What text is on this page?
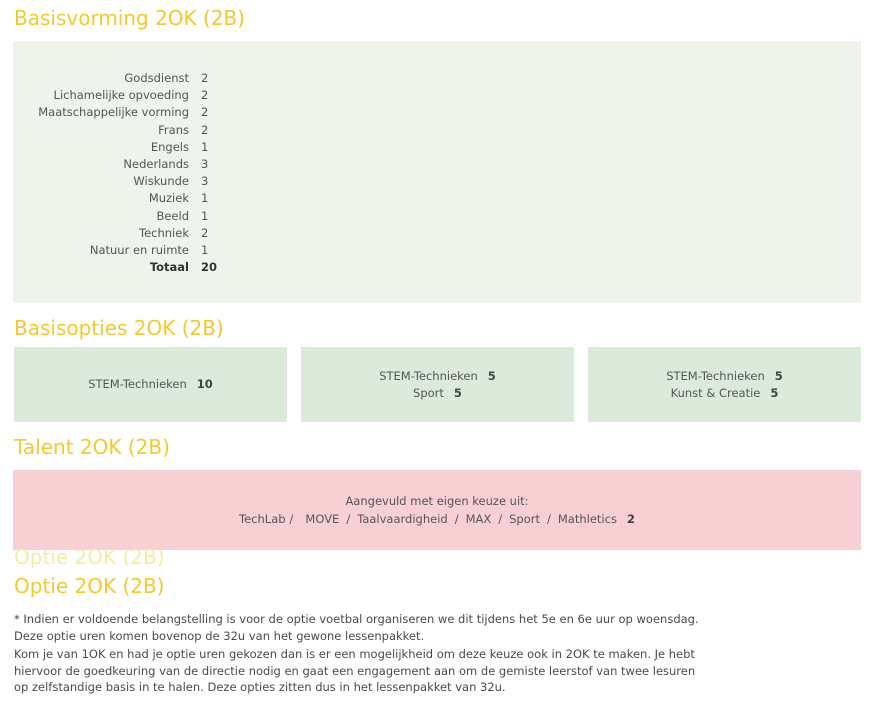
Basisvorming 2OK (2B)
Godsdienst 2
Lichamelijke opvoeding 2
Maatschappelijke vorming 2
Frans 2
Engels 1
Nederlands 3
Wiskunde 3
Muziek 1
Beeld 1
Techniek 2
Natuur en ruimte 1
Totaal 20
Basisopties 2OK (2B)
STEM-Technieken 10
STEM-Technieken 5
Sport 5
STEM-Technieken 5
Kunst & Creatie 5
Talent 2OK (2B)
Aangevuld met eigen keuze uit:
TechLab / MOVE / Taalvaardigheid / MAX / Sport / Mathletics 2
Optie 2OK (2B)
Optie 2OK (2B)
* Indien er voldoende belangstelling is voor de optie voetbal organiseren we dit tijdens het 5e en 6e uur op woensdag. Deze optie uren komen bovenop de 32u van het gewone lessenpakket.
Kom je van 1OK en had je optie uren gekozen dan is er een mogelijkheid om deze keuze ook in 2OK te maken. Je hebt hiervoor de goedkeuring van de directie nodig en gaat een engagement aan om de gemiste leerstof van twee lesuren op zelfstandige basis in te halen. Deze opties zitten dus in het lessenpakket van 32u.
